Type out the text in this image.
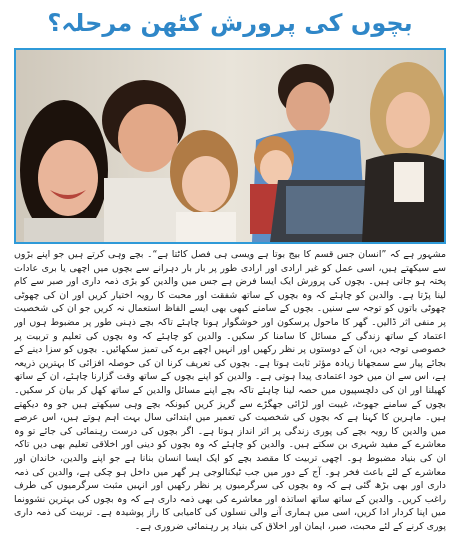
بچوں کی پرورش کٹھن مرحلہ؟

مشہور ہے کہ ”انسان جس قسم کا بیج بوتا ہے ویسی ہی فصل کاٹتا ہے“۔ بچے وہی کرتے ہیں جو اپنے بڑوں سے سیکھتے ہیں، اسی عمل کو غیر ارادی اور ارادی طور پر بار بار دہرانے سے بچوں میں اچھی یا بری عادات پختہ ہو جاتی ہیں۔ بچوں کی پرورش ایک ایسا فرض ہے جس میں والدین کو بڑی ذمہ داری اور صبر سے کام لینا پڑتا ہے۔ والدین کو چاہئے کہ وہ بچوں کے ساتھ شفقت اور محبت کا رویہ اختیار کریں اور ان کی چھوٹی چھوٹی باتوں کو توجہ سے سنیں۔ بچوں کے سامنے کبھی بھی ایسے الفاظ استعمال نہ کریں جو ان کی شخصیت پر منفی اثر ڈالیں۔ گھر کا ماحول پرسکون اور خوشگوار ہونا چاہئے تاکہ بچے ذہنی طور پر مضبوط ہوں اور اعتماد کے ساتھ زندگی کے مسائل کا سامنا کر سکیں۔ والدین کو چاہئے کہ وہ بچوں کی تعلیم و تربیت پر خصوصی توجہ دیں، ان کے دوستوں پر نظر رکھیں اور انہیں اچھے برے کی تمیز سکھائیں۔ بچوں کو سزا دینے کے بجائے پیار سے سمجھانا زیادہ مؤثر ثابت ہوتا ہے۔ بچوں کی تعریف کرنا ان کی حوصلہ افزائی کا بہترین ذریعہ ہے، اس سے ان میں خود اعتمادی پیدا ہوتی ہے۔ والدین کو اپنے بچوں کے ساتھ وقت گزارنا چاہئے، ان کے ساتھ کھیلنا اور ان کی دلچسپیوں میں حصہ لینا چاہئے تاکہ بچے اپنے مسائل والدین کے ساتھ کھل کر بیان کر سکیں۔ بچوں کے سامنے جھوٹ، غیبت اور لڑائی جھگڑے سے گریز کریں کیونکہ بچے وہی سیکھتے ہیں جو وہ دیکھتے ہیں۔ ماہرین کا کہنا ہے کہ بچوں کی شخصیت کی تعمیر میں ابتدائی سال بہت اہم ہوتے ہیں، اس عرصے میں والدین کا رویہ بچے کی پوری زندگی پر اثر انداز ہوتا ہے۔ اگر بچوں کی درست رہنمائی کی جائے تو وہ معاشرے کے مفید شہری بن سکتے ہیں۔ والدین کو چاہئے کہ وہ بچوں کو دینی اور اخلاقی تعلیم بھی دیں تاکہ ان کی بنیاد مضبوط ہو۔ اچھی تربیت کا مقصد بچے کو ایک ایسا انسان بنانا ہے جو اپنے والدین، خاندان اور معاشرے کے لئے باعث فخر ہو۔ آج کے دور میں جب ٹیکنالوجی ہر گھر میں داخل ہو چکی ہے، والدین کی ذمہ داری اور بھی بڑھ گئی ہے کہ وہ بچوں کی سرگرمیوں پر نظر رکھیں اور انہیں مثبت سرگرمیوں کی طرف راغب کریں۔ والدین کے ساتھ ساتھ اساتذہ اور معاشرے کی بھی ذمہ داری ہے کہ وہ بچوں کی بہترین نشوونما میں اپنا کردار ادا کریں، اسی میں ہماری آنے والی نسلوں کی کامیابی کا راز پوشیدہ ہے۔ تربیت کی ذمہ داری پوری کرنے کے لئے محبت، صبر، ایمان اور اخلاق کی بنیاد پر رہنمائی ضروری ہے۔
